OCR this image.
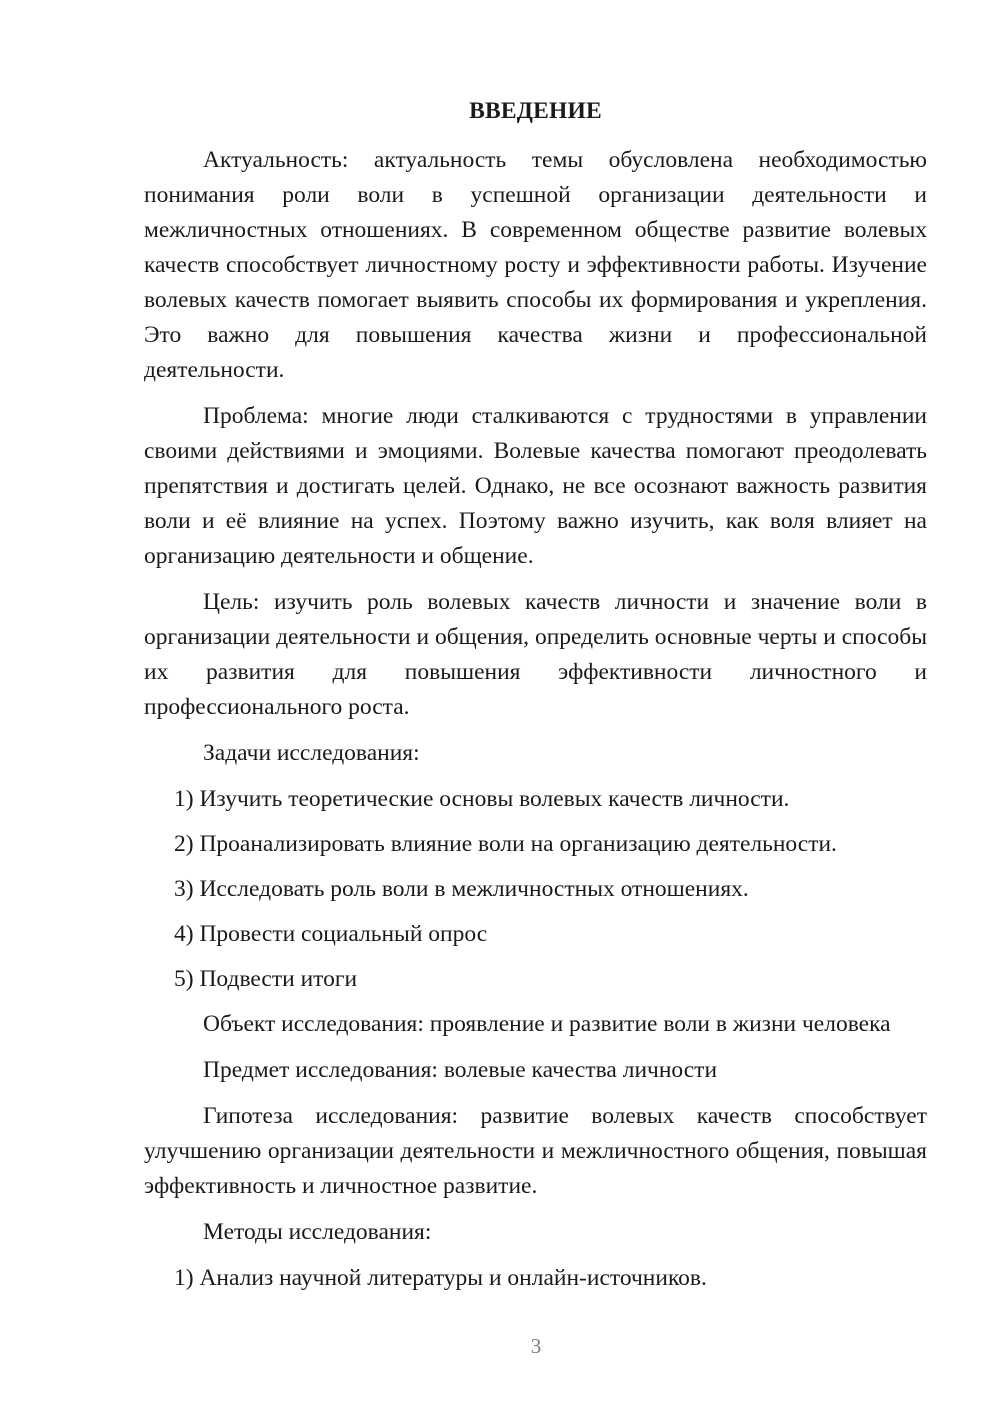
ВВЕДЕНИЕ

Актуальность: актуальность темы обусловлена необходимостью понимания роли воли в успешной организации деятельности и межличностных отношениях. В современном обществе развитие волевых качеств способствует личностному росту и эффективности работы. Изучение волевых качеств помогает выявить способы их формирования и укрепления. Это важно для повышения качества жизни и профессиональной деятельности.

Проблема: многие люди сталкиваются с трудностями в управлении своими действиями и эмоциями. Волевые качества помогают преодолевать препятствия и достигать целей. Однако, не все осознают важность развития воли и её влияние на успех. Поэтому важно изучить, как воля влияет на организацию деятельности и общение.

Цель: изучить роль волевых качеств личности и значение воли в организации деятельности и общения, определить основные черты и способы их развития для повышения эффективности личностного и профессионального роста.

Задачи исследования:

1) Изучить теоретические основы волевых качеств личности.

2) Проанализировать влияние воли на организацию деятельности.

3) Исследовать роль воли в межличностных отношениях.

4) Провести социальный опрос

5) Подвести итоги

Объект исследования: проявление и развитие воли в жизни человека

Предмет исследования: волевые качества личности

Гипотеза исследования: развитие волевых качеств способствует улучшению организации деятельности и межличностного общения, повышая эффективность и личностное развитие.

Методы исследования:

1) Анализ научной литературы и онлайн-источников.

3
